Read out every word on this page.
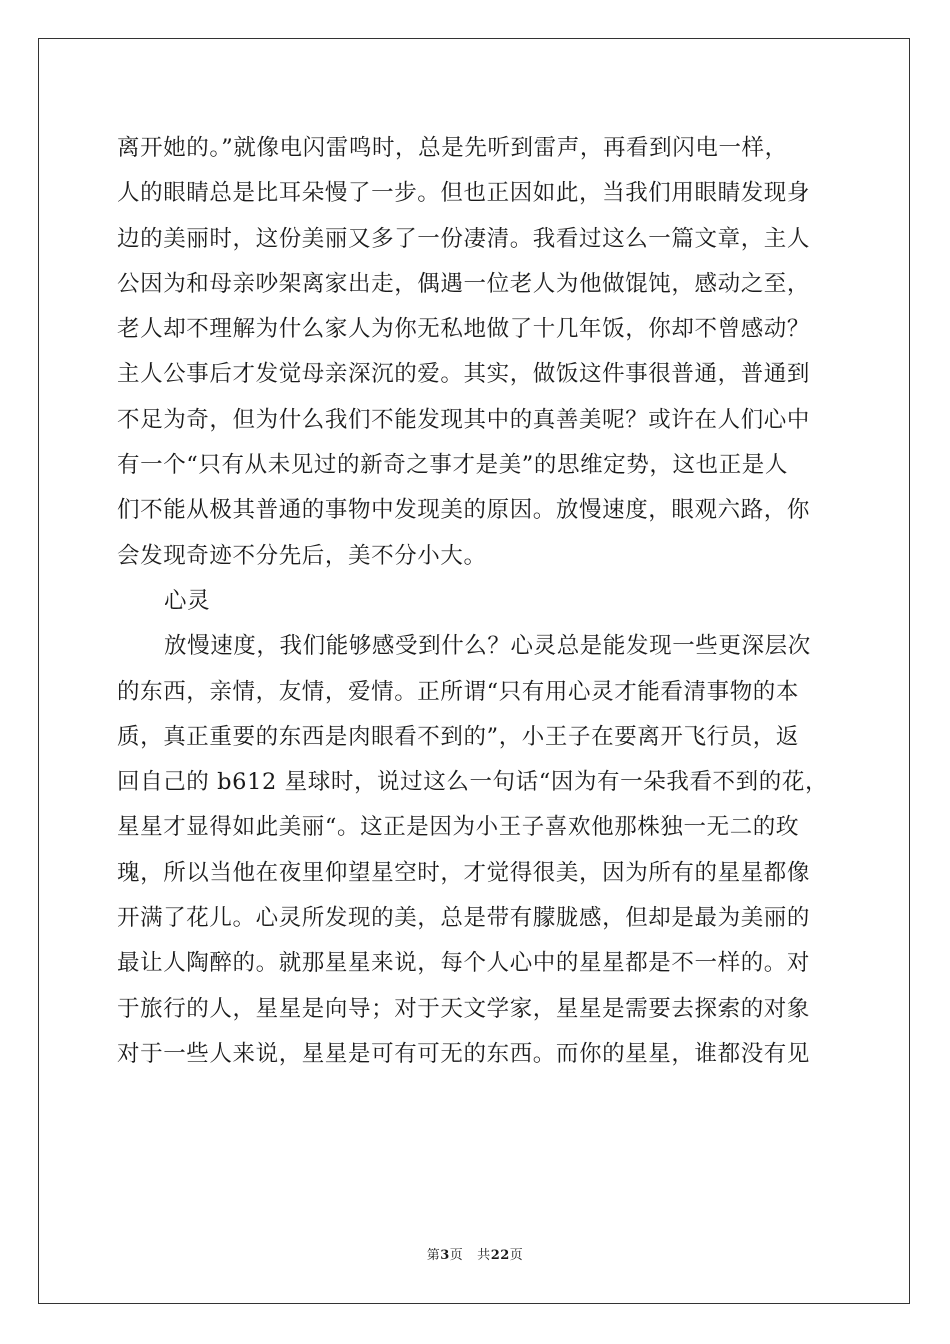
离开她的。”就像电闪雷鸣时，总是先听到雷声，再看到闪电一样，
人的眼睛总是比耳朵慢了一步。但也正因如此，当我们用眼睛发现身
边的美丽时，这份美丽又多了一份凄清。我看过这么一篇文章，主人
公因为和母亲吵架离家出走，偶遇一位老人为他做馄饨，感动之至，
老人却不理解为什么家人为你无私地做了十几年饭，你却不曾感动？
主人公事后才发觉母亲深沉的爱。其实，做饭这件事很普通，普通到
不足为奇，但为什么我们不能发现其中的真善美呢？或许在人们心中
有一个“只有从未见过的新奇之事才是美”的思维定势，这也正是人
们不能从极其普通的事物中发现美的原因。放慢速度，眼观六路，你
会发现奇迹不分先后，美不分小大。
心灵
放慢速度，我们能够感受到什么？心灵总是能发现一些更深层次
的东西，亲情，友情，爱情。正所谓“只有用心灵才能看清事物的本
质，真正重要的东西是肉眼看不到的”，小王子在要离开飞行员，返
回自己的 b612 星球时，说过这么一句话“因为有一朵我看不到的花，
星星才显得如此美丽“。这正是因为小王子喜欢他那株独一无二的玫
瑰，所以当他在夜里仰望星空时，才觉得很美，因为所有的星星都像
开满了花儿。心灵所发现的美，总是带有朦胧感，但却是最为美丽的
最让人陶醉的。就那星星来说，每个人心中的星星都是不一样的。对
于旅行的人，星星是向导；对于天文学家，星星是需要去探索的对象
对于一些人来说，星星是可有可无的东西。而你的星星，谁都没有见
第3页 共22页
